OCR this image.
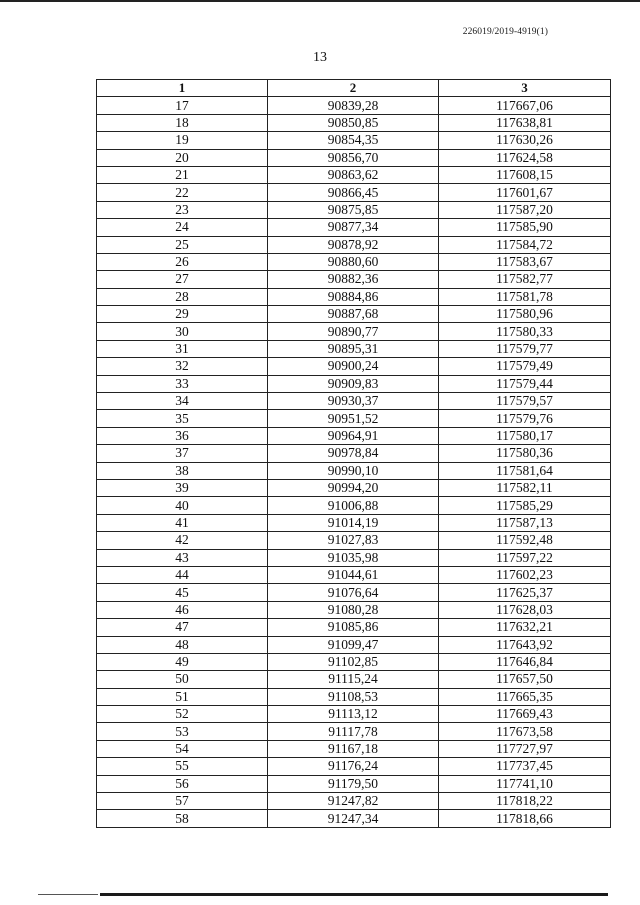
226019/2019-4919(1)
13
1	2	3
17	90839,28	117667,06
18	90850,85	117638,81
19	90854,35	117630,26
20	90856,70	117624,58
21	90863,62	117608,15
22	90866,45	117601,67
23	90875,85	117587,20
24	90877,34	117585,90
25	90878,92	117584,72
26	90880,60	117583,67
27	90882,36	117582,77
28	90884,86	117581,78
29	90887,68	117580,96
30	90890,77	117580,33
31	90895,31	117579,77
32	90900,24	117579,49
33	90909,83	117579,44
34	90930,37	117579,57
35	90951,52	117579,76
36	90964,91	117580,17
37	90978,84	117580,36
38	90990,10	117581,64
39	90994,20	117582,11
40	91006,88	117585,29
41	91014,19	117587,13
42	91027,83	117592,48
43	91035,98	117597,22
44	91044,61	117602,23
45	91076,64	117625,37
46	91080,28	117628,03
47	91085,86	117632,21
48	91099,47	117643,92
49	91102,85	117646,84
50	91115,24	117657,50
51	91108,53	117665,35
52	91113,12	117669,43
53	91117,78	117673,58
54	91167,18	117727,97
55	91176,24	117737,45
56	91179,50	117741,10
57	91247,82	117818,22
58	91247,34	117818,66
